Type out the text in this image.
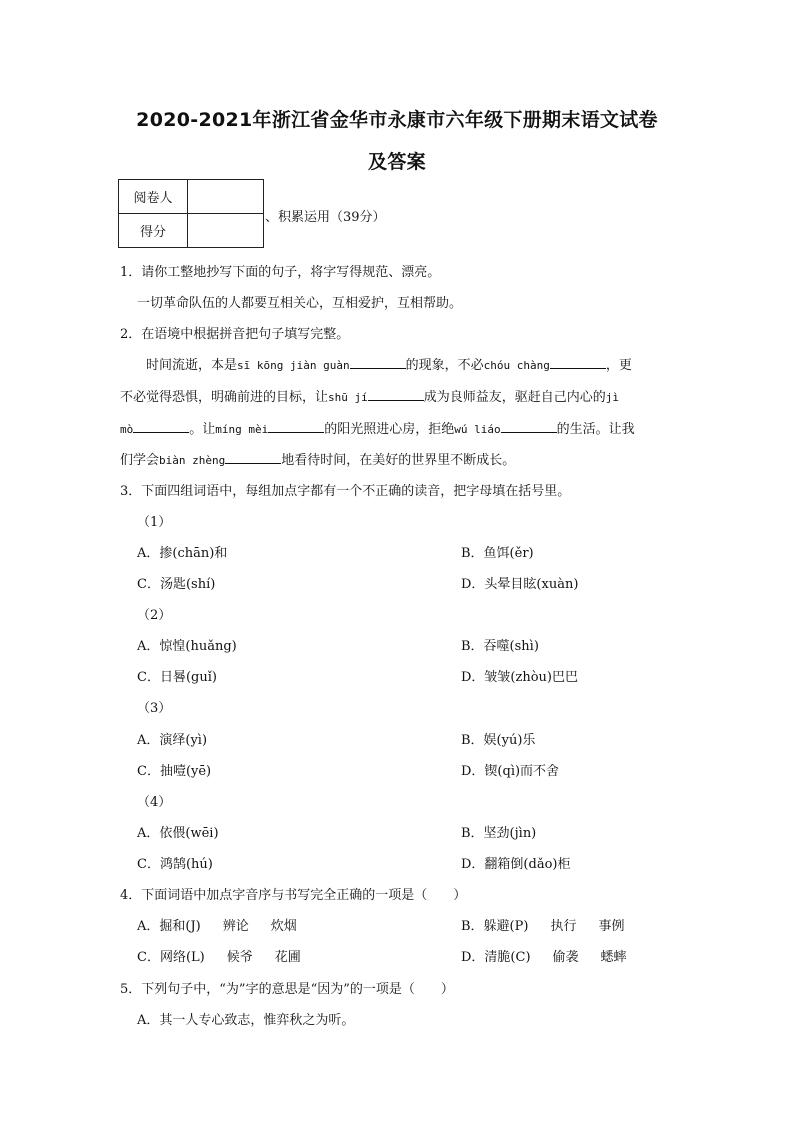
2020-2021年浙江省金华市永康市六年级下册期末语文试卷
及答案
阅卷人	
得分	
、积累运用（39分）
1．请你工整地抄写下面的句子，将字写得规范、漂亮。
一切革命队伍的人都要互相关心，互相爱护，互相帮助。
2．在语境中根据拼音把句子填写完整。
时间流逝，本是sī kōng jiàn guàn	的现象，不必chóu chàng	，更
不必觉得恐惧，明确前进的目标，让shū jí	成为良师益友，驱赶自己内心的jì
mò	。让míng mèi	的阳光照进心房，拒绝wú liáo	的生活。让我
们学会biàn zhèng	地看待时间，在美好的世界里不断成长。
3．下面四组词语中，每组加点字都有一个不正确的读音，把字母填在括号里。
（1）
A．掺(chān)和	B．鱼饵(ěr)
C．汤匙(shí)	D．头晕目眩(xuàn)
（2）
A．惊惶(huǎng)	B．吞噬(shì)
C．日晷(guǐ)	D．皱皱(zhòu)巴巴
（3）
A．演绎(yì)	B．娱(yú)乐
C．抽噎(yē)	D．锲(qì)而不舍
（4）
A．依偎(wēi)	B．坚劲(jìn)
C．鸿鹄(hú)	D．翻箱倒(dǎo)柜
4．下面词语中加点字音序与书写完全正确的一项是（　　）
A．掘和(J) 辨论 炊烟	B．躲避(P) 执行 事例
C．网络(L) 候爷 花圃	D．清脆(C) 偷袭 蟋蟀
5．下列句子中，“为”字的意思是“因为”的一项是（　　）
A．其一人专心致志，惟弈秋之为听。
